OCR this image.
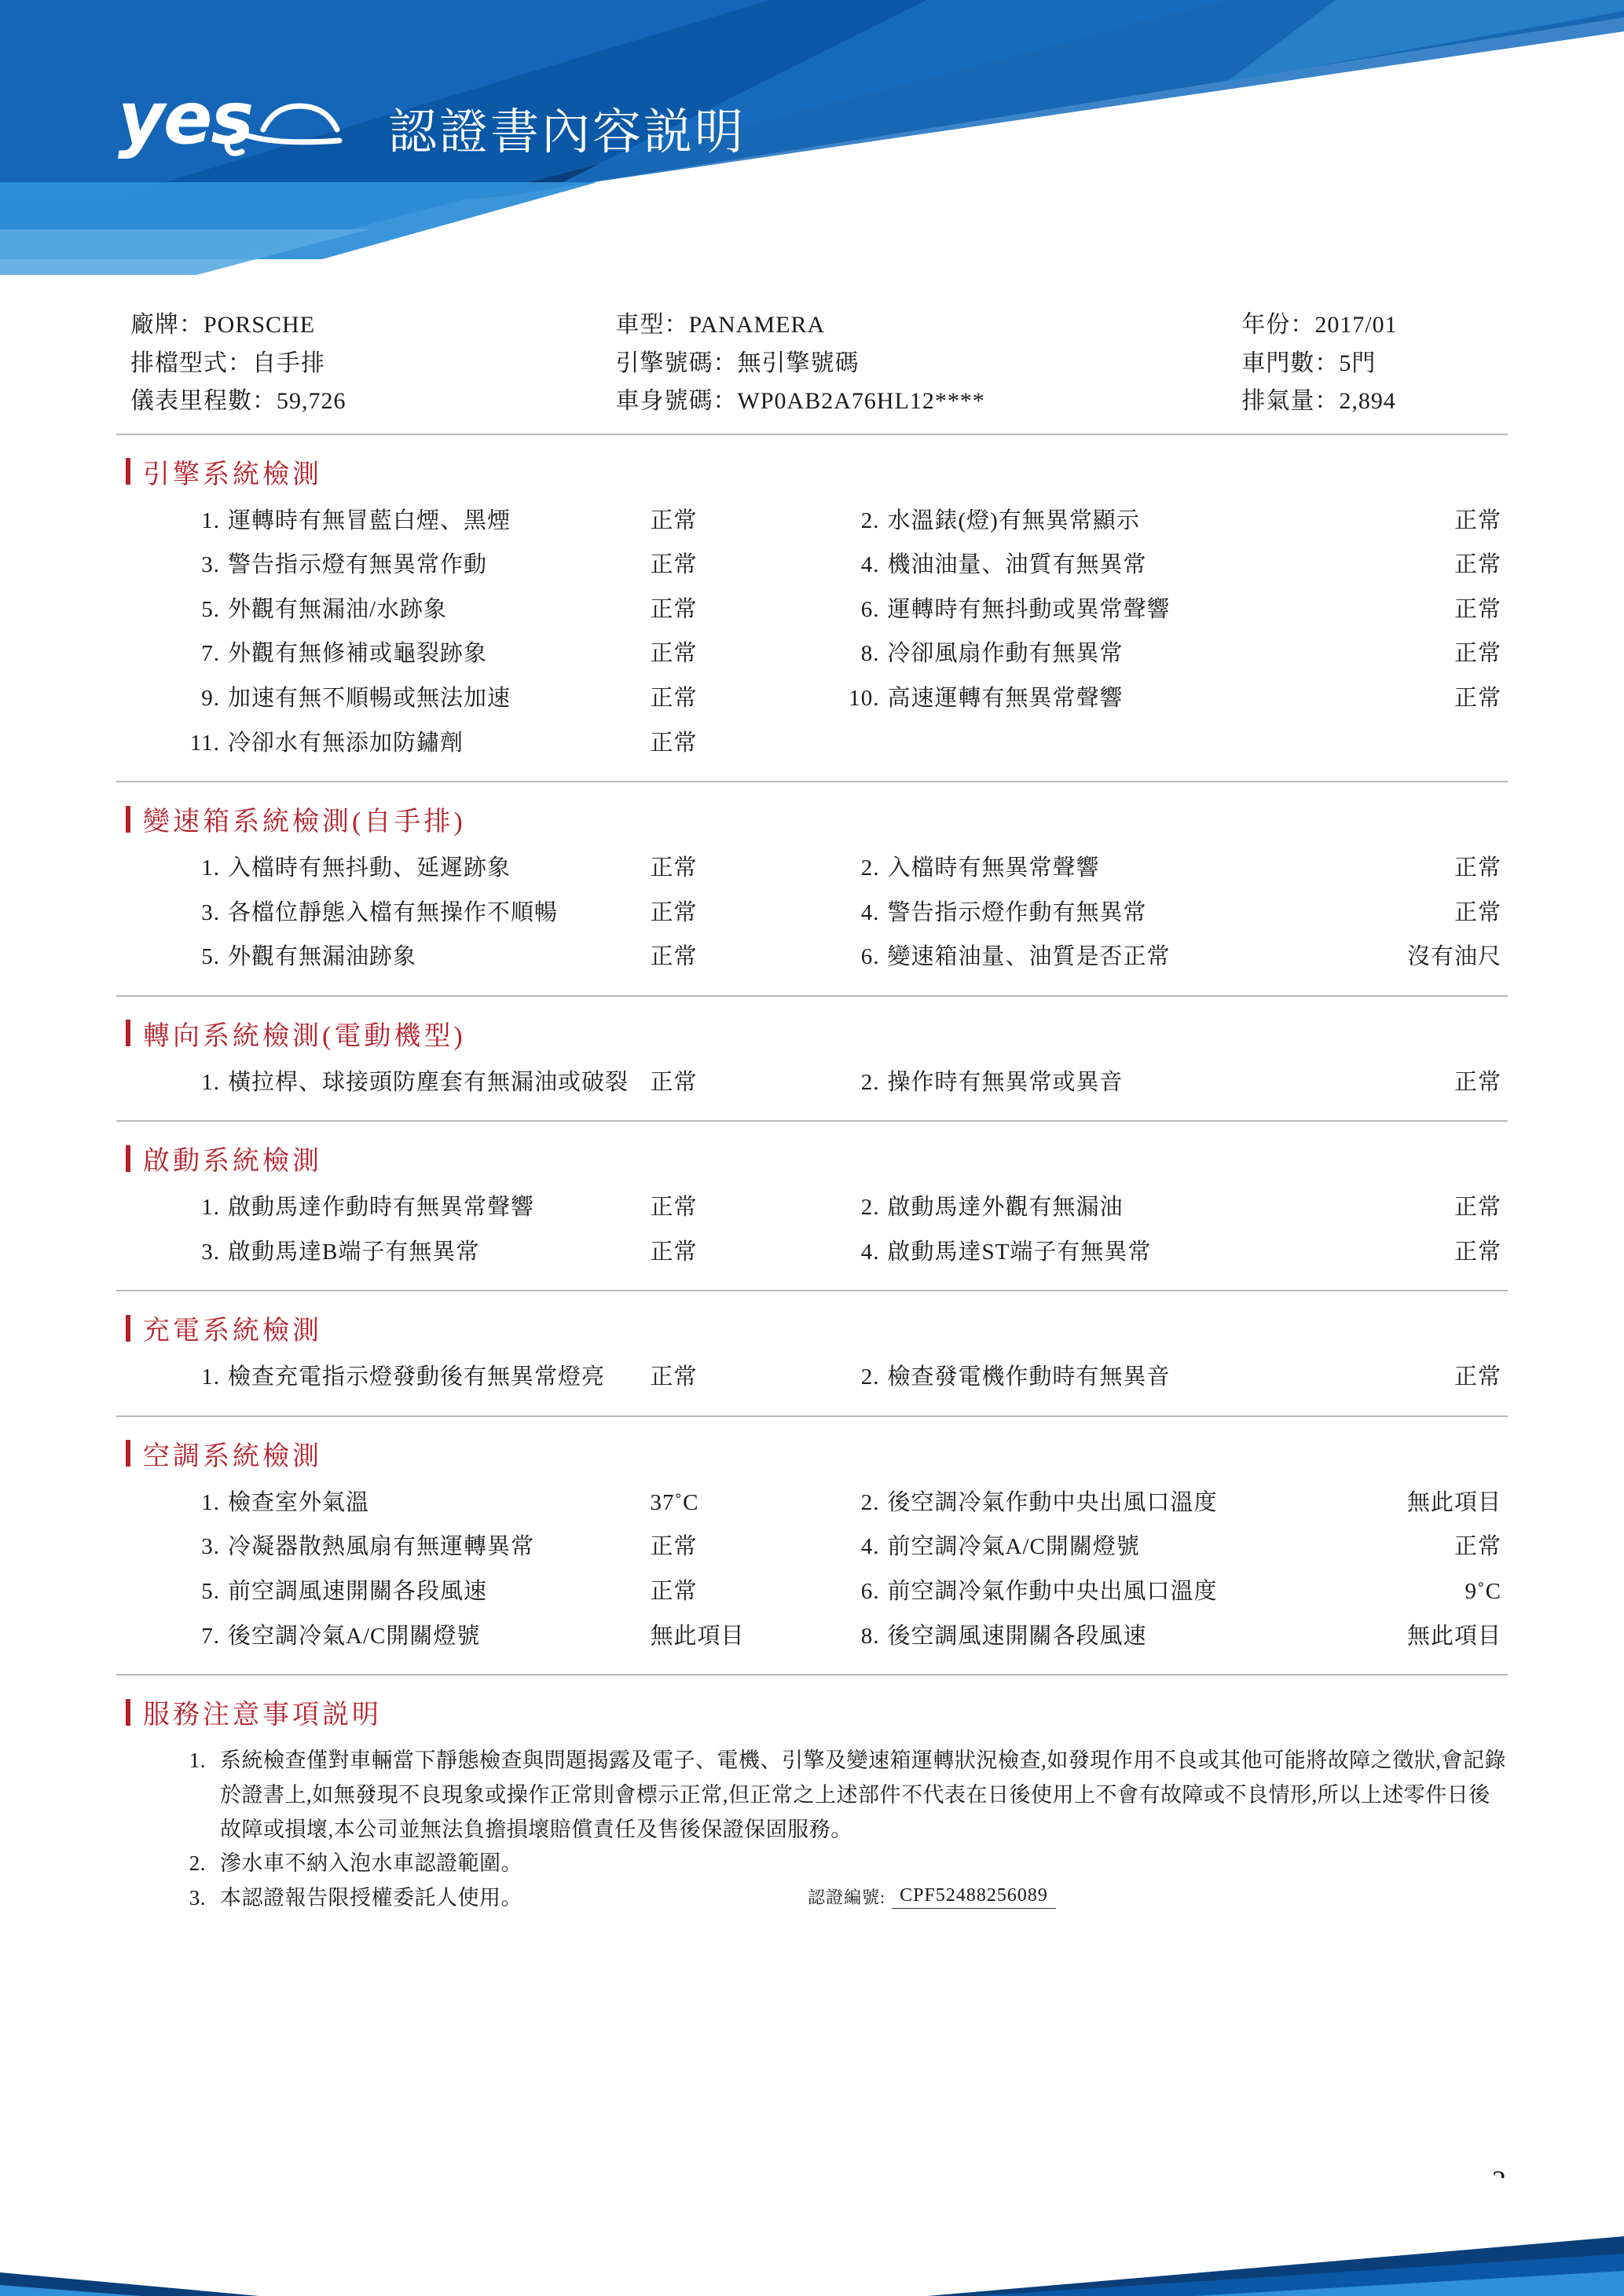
yes	認證書內容説明
廠牌：PORSCHE	車型：PANAMERA	年份：2017/01
排檔型式：自手排	引擎號碼：無引擎號碼	車門數：5門
儀表里程數：59,726	車身號碼：WP0AB2A76HL12****	排氣量：2,894
引擎系統檢測
1. 運轉時有無冒藍白煙、黑煙	正常	2. 水溫錶(燈)有無異常顯示	正常
3. 警告指示燈有無異常作動	正常	4. 機油油量、油質有無異常	正常
5. 外觀有無漏油/水跡象	正常	6. 運轉時有無抖動或異常聲響	正常
7. 外觀有無修補或龜裂跡象	正常	8. 冷卻風扇作動有無異常	正常
9. 加速有無不順暢或無法加速	正常	10. 高速運轉有無異常聲響	正常
11. 冷卻水有無添加防鏽劑	正常
變速箱系統檢測(自手排)
1. 入檔時有無抖動、延遲跡象	正常	2. 入檔時有無異常聲響	正常
3. 各檔位靜態入檔有無操作不順暢	正常	4. 警告指示燈作動有無異常	正常
5. 外觀有無漏油跡象	正常	6. 變速箱油量、油質是否正常	沒有油尺
轉向系統檢測(電動機型)
1. 橫拉桿、球接頭防塵套有無漏油或破裂 正常	2. 操作時有無異常或異音	正常
啟動系統檢測
1. 啟動馬達作動時有無異常聲響	正常	2. 啟動馬達外觀有無漏油	正常
3. 啟動馬達B端子有無異常	正常	4. 啟動馬達ST端子有無異常	正常
充電系統檢測
1. 檢查充電指示燈發動後有無異常燈亮	正常	2. 檢查發電機作動時有無異音	正常
空調系統檢測
1. 檢查室外氣溫	37˚C	2. 後空調冷氣作動中央出風口溫度	無此項目
3. 冷凝器散熱風扇有無運轉異常	正常	4. 前空調冷氣A/C開關燈號	正常
5. 前空調風速開關各段風速	正常	6. 前空調冷氣作動中央出風口溫度	9˚C
7. 後空調冷氣A/C開關燈號	無此項目	8. 後空調風速開關各段風速	無此項目
服務注意事項説明
1. 系統檢查僅對車輛當下靜態檢查與問題揭露及電子、電機、引擎及變速箱運轉狀況檢查,如發現作用不良或其他可能將故障之徵狀,會記錄於證書上,如無發現不良現象或操作正常則會標示正常,但正常之上述部件不代表在日後使用上不會有故障或不良情形,所以上述零件日後故障或損壞,本公司並無法負擔損壞賠償責任及售後保證保固服務。
2. 滲水車不納入泡水車認證範圍。
3. 本認證報告限授權委託人使用。	認證編號: CPF52488256089
